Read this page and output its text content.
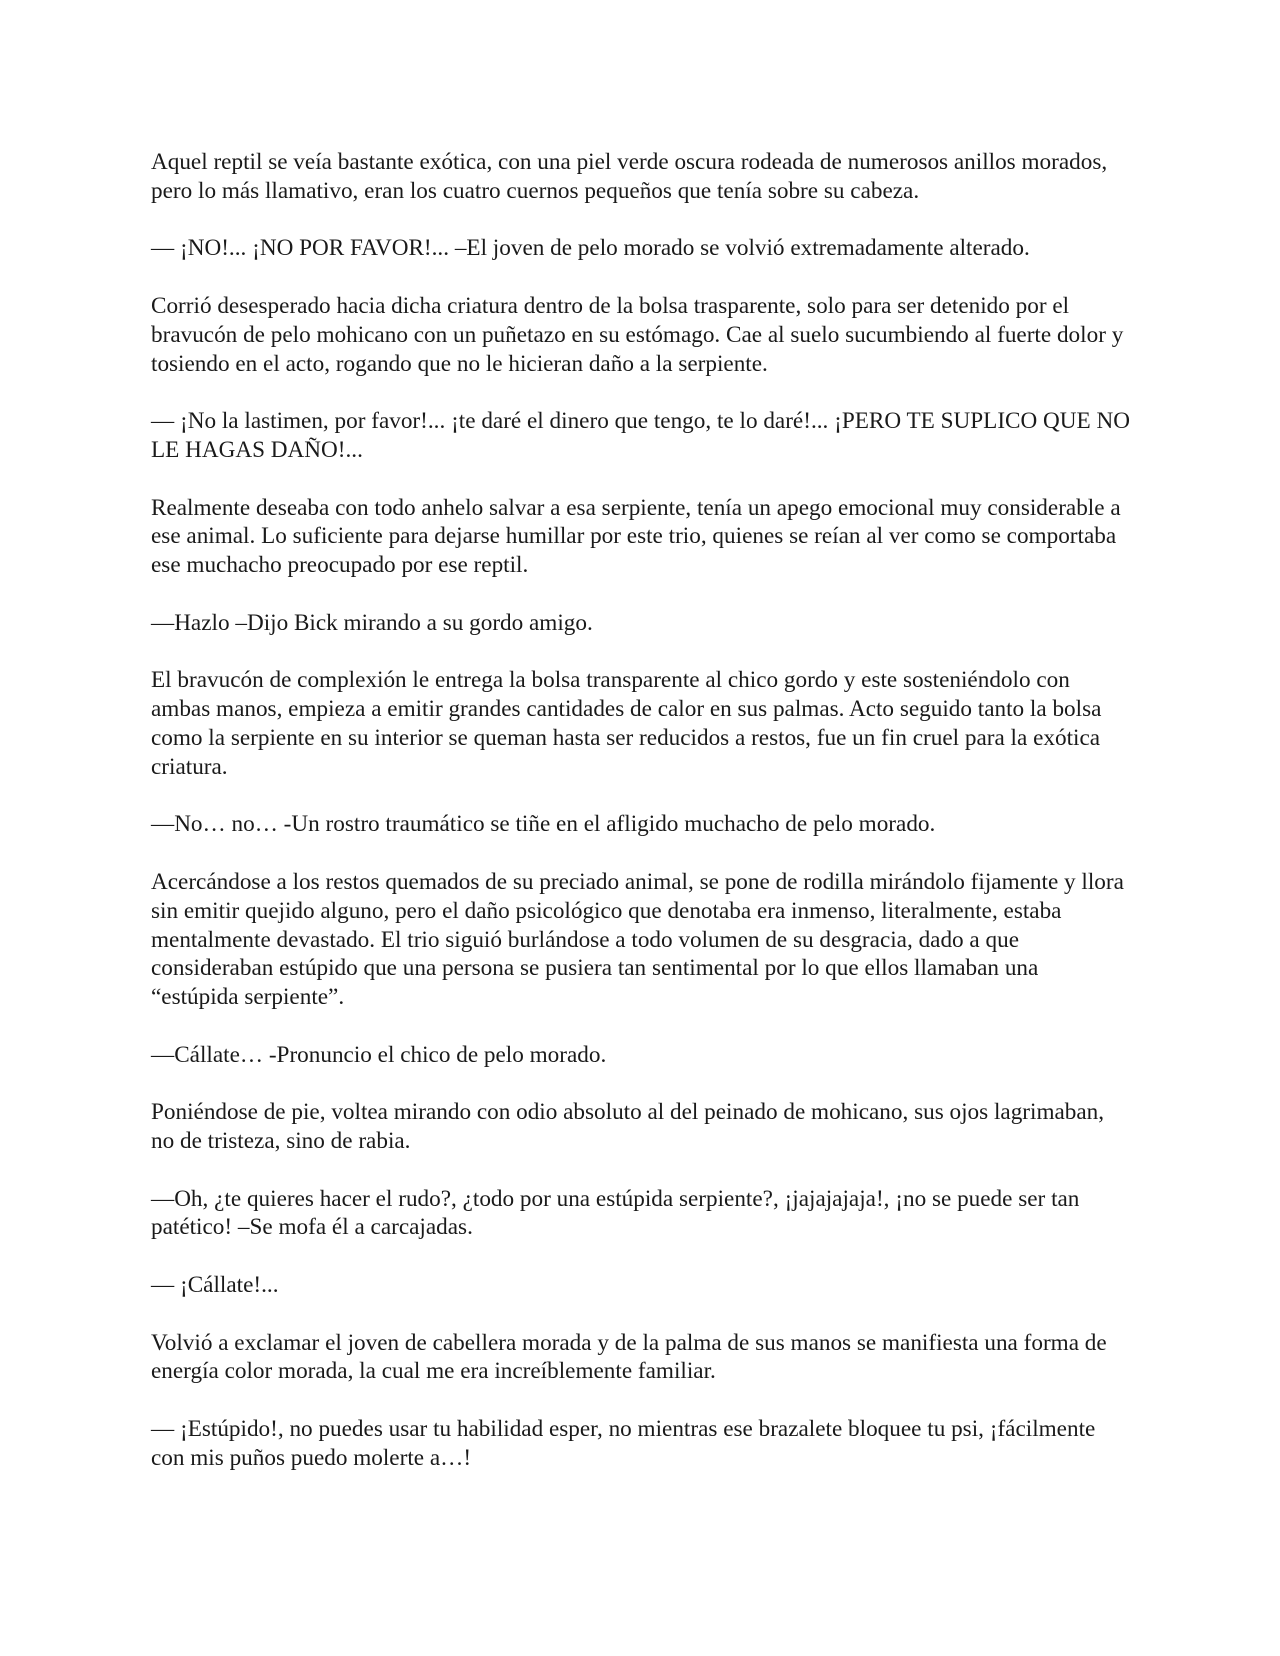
Aquel reptil se veía bastante exótica, con una piel verde oscura rodeada de numerosos anillos morados, pero lo más llamativo, eran los cuatro cuernos pequeños que tenía sobre su cabeza.

— ¡NO!... ¡NO POR FAVOR!... –El joven de pelo morado se volvió extremadamente alterado.

Corrió desesperado hacia dicha criatura dentro de la bolsa trasparente, solo para ser detenido por el bravucón de pelo mohicano con un puñetazo en su estómago. Cae al suelo sucumbiendo al fuerte dolor y tosiendo en el acto, rogando que no le hicieran daño a la serpiente.

— ¡No la lastimen, por favor!... ¡te daré el dinero que tengo, te lo daré!... ¡PERO TE SUPLICO QUE NO LE HAGAS DAÑO!...

Realmente deseaba con todo anhelo salvar a esa serpiente, tenía un apego emocional muy considerable a ese animal. Lo suficiente para dejarse humillar por este trio, quienes se reían al ver como se comportaba ese muchacho preocupado por ese reptil.

—Hazlo –Dijo Bick mirando a su gordo amigo.

El bravucón de complexión le entrega la bolsa transparente al chico gordo y este sosteniéndolo con ambas manos, empieza a emitir grandes cantidades de calor en sus palmas. Acto seguido tanto la bolsa como la serpiente en su interior se queman hasta ser reducidos a restos, fue un fin cruel para la exótica criatura.

—No… no… -Un rostro traumático se tiñe en el afligido muchacho de pelo morado.

Acercándose a los restos quemados de su preciado animal, se pone de rodilla mirándolo fijamente y llora sin emitir quejido alguno, pero el daño psicológico que denotaba era inmenso, literalmente, estaba mentalmente devastado. El trio siguió burlándose a todo volumen de su desgracia, dado a que consideraban estúpido que una persona se pusiera tan sentimental por lo que ellos llamaban una “estúpida serpiente”.

—Cállate… -Pronuncio el chico de pelo morado.

Poniéndose de pie, voltea mirando con odio absoluto al del peinado de mohicano, sus ojos lagrimaban, no de tristeza, sino de rabia.

—Oh, ¿te quieres hacer el rudo?, ¿todo por una estúpida serpiente?, ¡jajajajaja!, ¡no se puede ser tan patético! –Se mofa él a carcajadas.

— ¡Cállate!...

Volvió a exclamar el joven de cabellera morada y de la palma de sus manos se manifiesta una forma de energía color morada, la cual me era increíblemente familiar.

— ¡Estúpido!, no puedes usar tu habilidad esper, no mientras ese brazalete bloquee tu psi, ¡fácilmente con mis puños puedo molerte a…!
